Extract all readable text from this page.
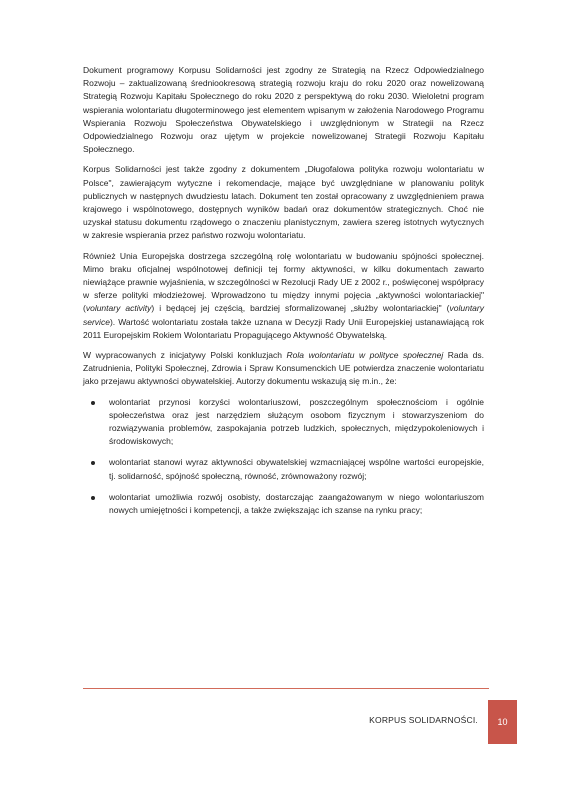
Dokument programowy Korpusu Solidarności jest zgodny ze Strategią na Rzecz Odpowiedzialnego Rozwoju – zaktualizowaną średniookresową strategią rozwoju kraju do roku 2020 oraz nowelizowaną Strategią Rozwoju Kapitału Społecznego do roku 2020 z perspektywą do roku 2030. Wieloletni program wspierania wolontariatu długoterminowego jest elementem wpisanym w założenia Narodowego Programu Wspierania Rozwoju Społeczeństwa Obywatelskiego i uwzględnionym w Strategii na Rzecz Odpowiedzialnego Rozwoju oraz ujętym w projekcie nowelizowanej Strategii Rozwoju Kapitału Społecznego.

Korpus Solidarności jest także zgodny z dokumentem „Długofalowa polityka rozwoju wolontariatu w Polsce", zawierającym wytyczne i rekomendacje, mające być uwzględniane w planowaniu polityk publicznych w następnych dwudziestu latach. Dokument ten został opracowany z uwzględnieniem prawa krajowego i wspólnotowego, dostępnych wyników badań oraz dokumentów strategicznych. Choć nie uzyskał statusu dokumentu rządowego o znaczeniu planistycznym, zawiera szereg istotnych wytycznych w zakresie wspierania przez państwo rozwoju wolontariatu.

Również Unia Europejska dostrzega szczególną rolę wolontariatu w budowaniu spójności społecznej. Mimo braku oficjalnej wspólnotowej definicji tej formy aktywności, w kilku dokumentach zawarto niewiążące prawnie wyjaśnienia, w szczególności w Rezolucji Rady UE z 2002 r., poświęconej współpracy w sferze polityki młodzieżowej. Wprowadzono tu między innymi pojęcia „aktywności wolontariackiej" (voluntary activity) i będącej jej częścią, bardziej sformalizowanej „służby wolontariackiej" (voluntary service). Wartość wolontariatu została także uznana w Decyzji Rady Unii Europejskiej ustanawiającą rok 2011 Europejskim Rokiem Wolontariatu Propagującego Aktywność Obywatelską.

W wypracowanych z inicjatywy Polski konkluzjach Rola wolontariatu w polityce społecznej Rada ds. Zatrudnienia, Polityki Społecznej, Zdrowia i Spraw Konsumenckich UE potwierdza znaczenie wolontariatu jako przejawu aktywności obywatelskiej. Autorzy dokumentu wskazują się m.in., że:

wolontariat przynosi korzyści wolontariuszowi, poszczególnym społecznościom i ogólnie społeczeństwa oraz jest narzędziem służącym osobom fizycznym i stowarzyszeniom do rozwiązywania problemów, zaspokajania potrzeb ludzkich, społecznych, międzypokoleniowych i środowiskowych;
wolontariat stanowi wyraz aktywności obywatelskiej wzmacniającej wspólne wartości europejskie, tj. solidarność, spójność społeczną, równość, zrównoważony rozwój;
wolontariat umożliwia rozwój osobisty, dostarczając zaangażowanym w niego wolontariuszom nowych umiejętności i kompetencji, a także zwiększając ich szanse na rynku pracy;
KORPUS SOLIDARNOŚCI. 10
